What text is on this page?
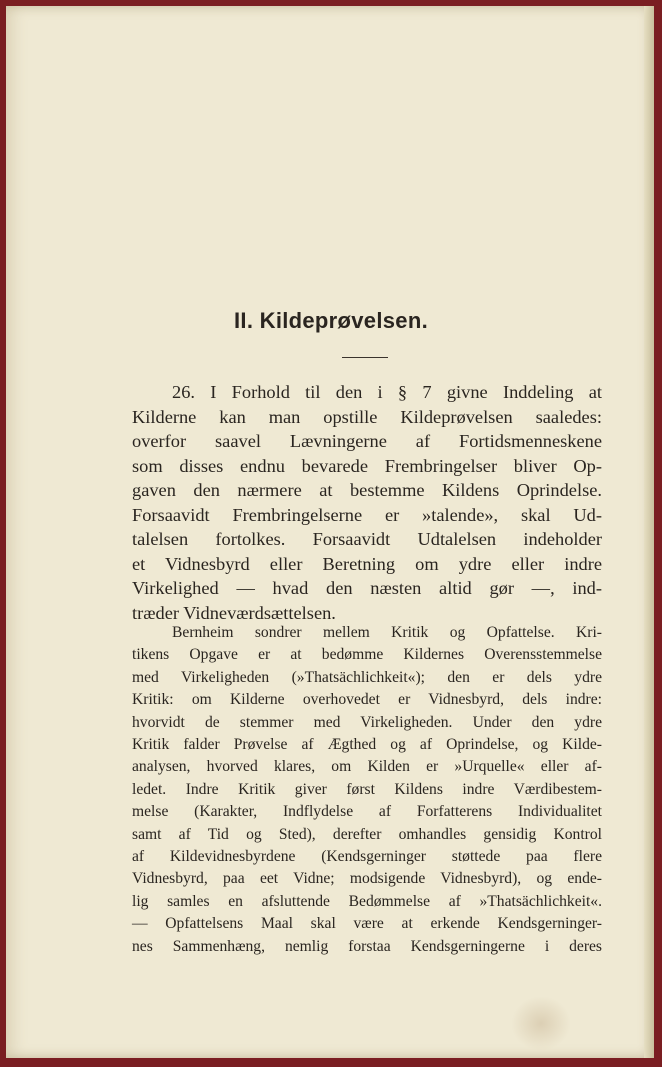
II. Kildeprøvelsen.
26. I Forhold til den i § 7 givne Inddeling at
Kilderne kan man opstille Kildeprøvelsen saaledes:
overfor saavel Lævningerne af Fortidsmenneskene
som disses endnu bevarede Frembringelser bliver Op-
gaven den nærmere at bestemme Kildens Oprindelse.
Forsaavidt Frembringelserne er »talende», skal Ud-
talelsen fortolkes. Forsaavidt Udtalelsen indeholder
et Vidnesbyrd eller Beretning om ydre eller indre
Virkelighed — hvad den næsten altid gør —, ind-
træder Vidneværdsættelsen.
Bernheim sondrer mellem Kritik og Opfattelse. Kri-
tikens Opgave er at bedømme Kildernes Overensstemmelse
med Virkeligheden (»Thatsächlichkeit«); den er dels ydre
Kritik: om Kilderne overhovedet er Vidnesbyrd, dels indre:
hvorvidt de stemmer med Virkeligheden. Under den ydre
Kritik falder Prøvelse af Ægthed og af Oprindelse, og Kilde-
analysen, hvorved klares, om Kilden er »Urquelle« eller af-
ledet. Indre Kritik giver først Kildens indre Værdibestem-
melse (Karakter, Indflydelse af Forfatterens Individualitet
samt af Tid og Sted), derefter omhandles gensidig Kontrol
af Kildevidnesbyrdene (Kendsgerninger støttede paa flere
Vidnesbyrd, paa eet Vidne; modsigende Vidnesbyrd), og ende-
lig samles en afsluttende Bedømmelse af »Thatsächlichkeit«.
— Opfattelsens Maal skal være at erkende Kendsgerninger-
nes Sammenhæng, nemlig forstaa Kendsgerningerne i deres
